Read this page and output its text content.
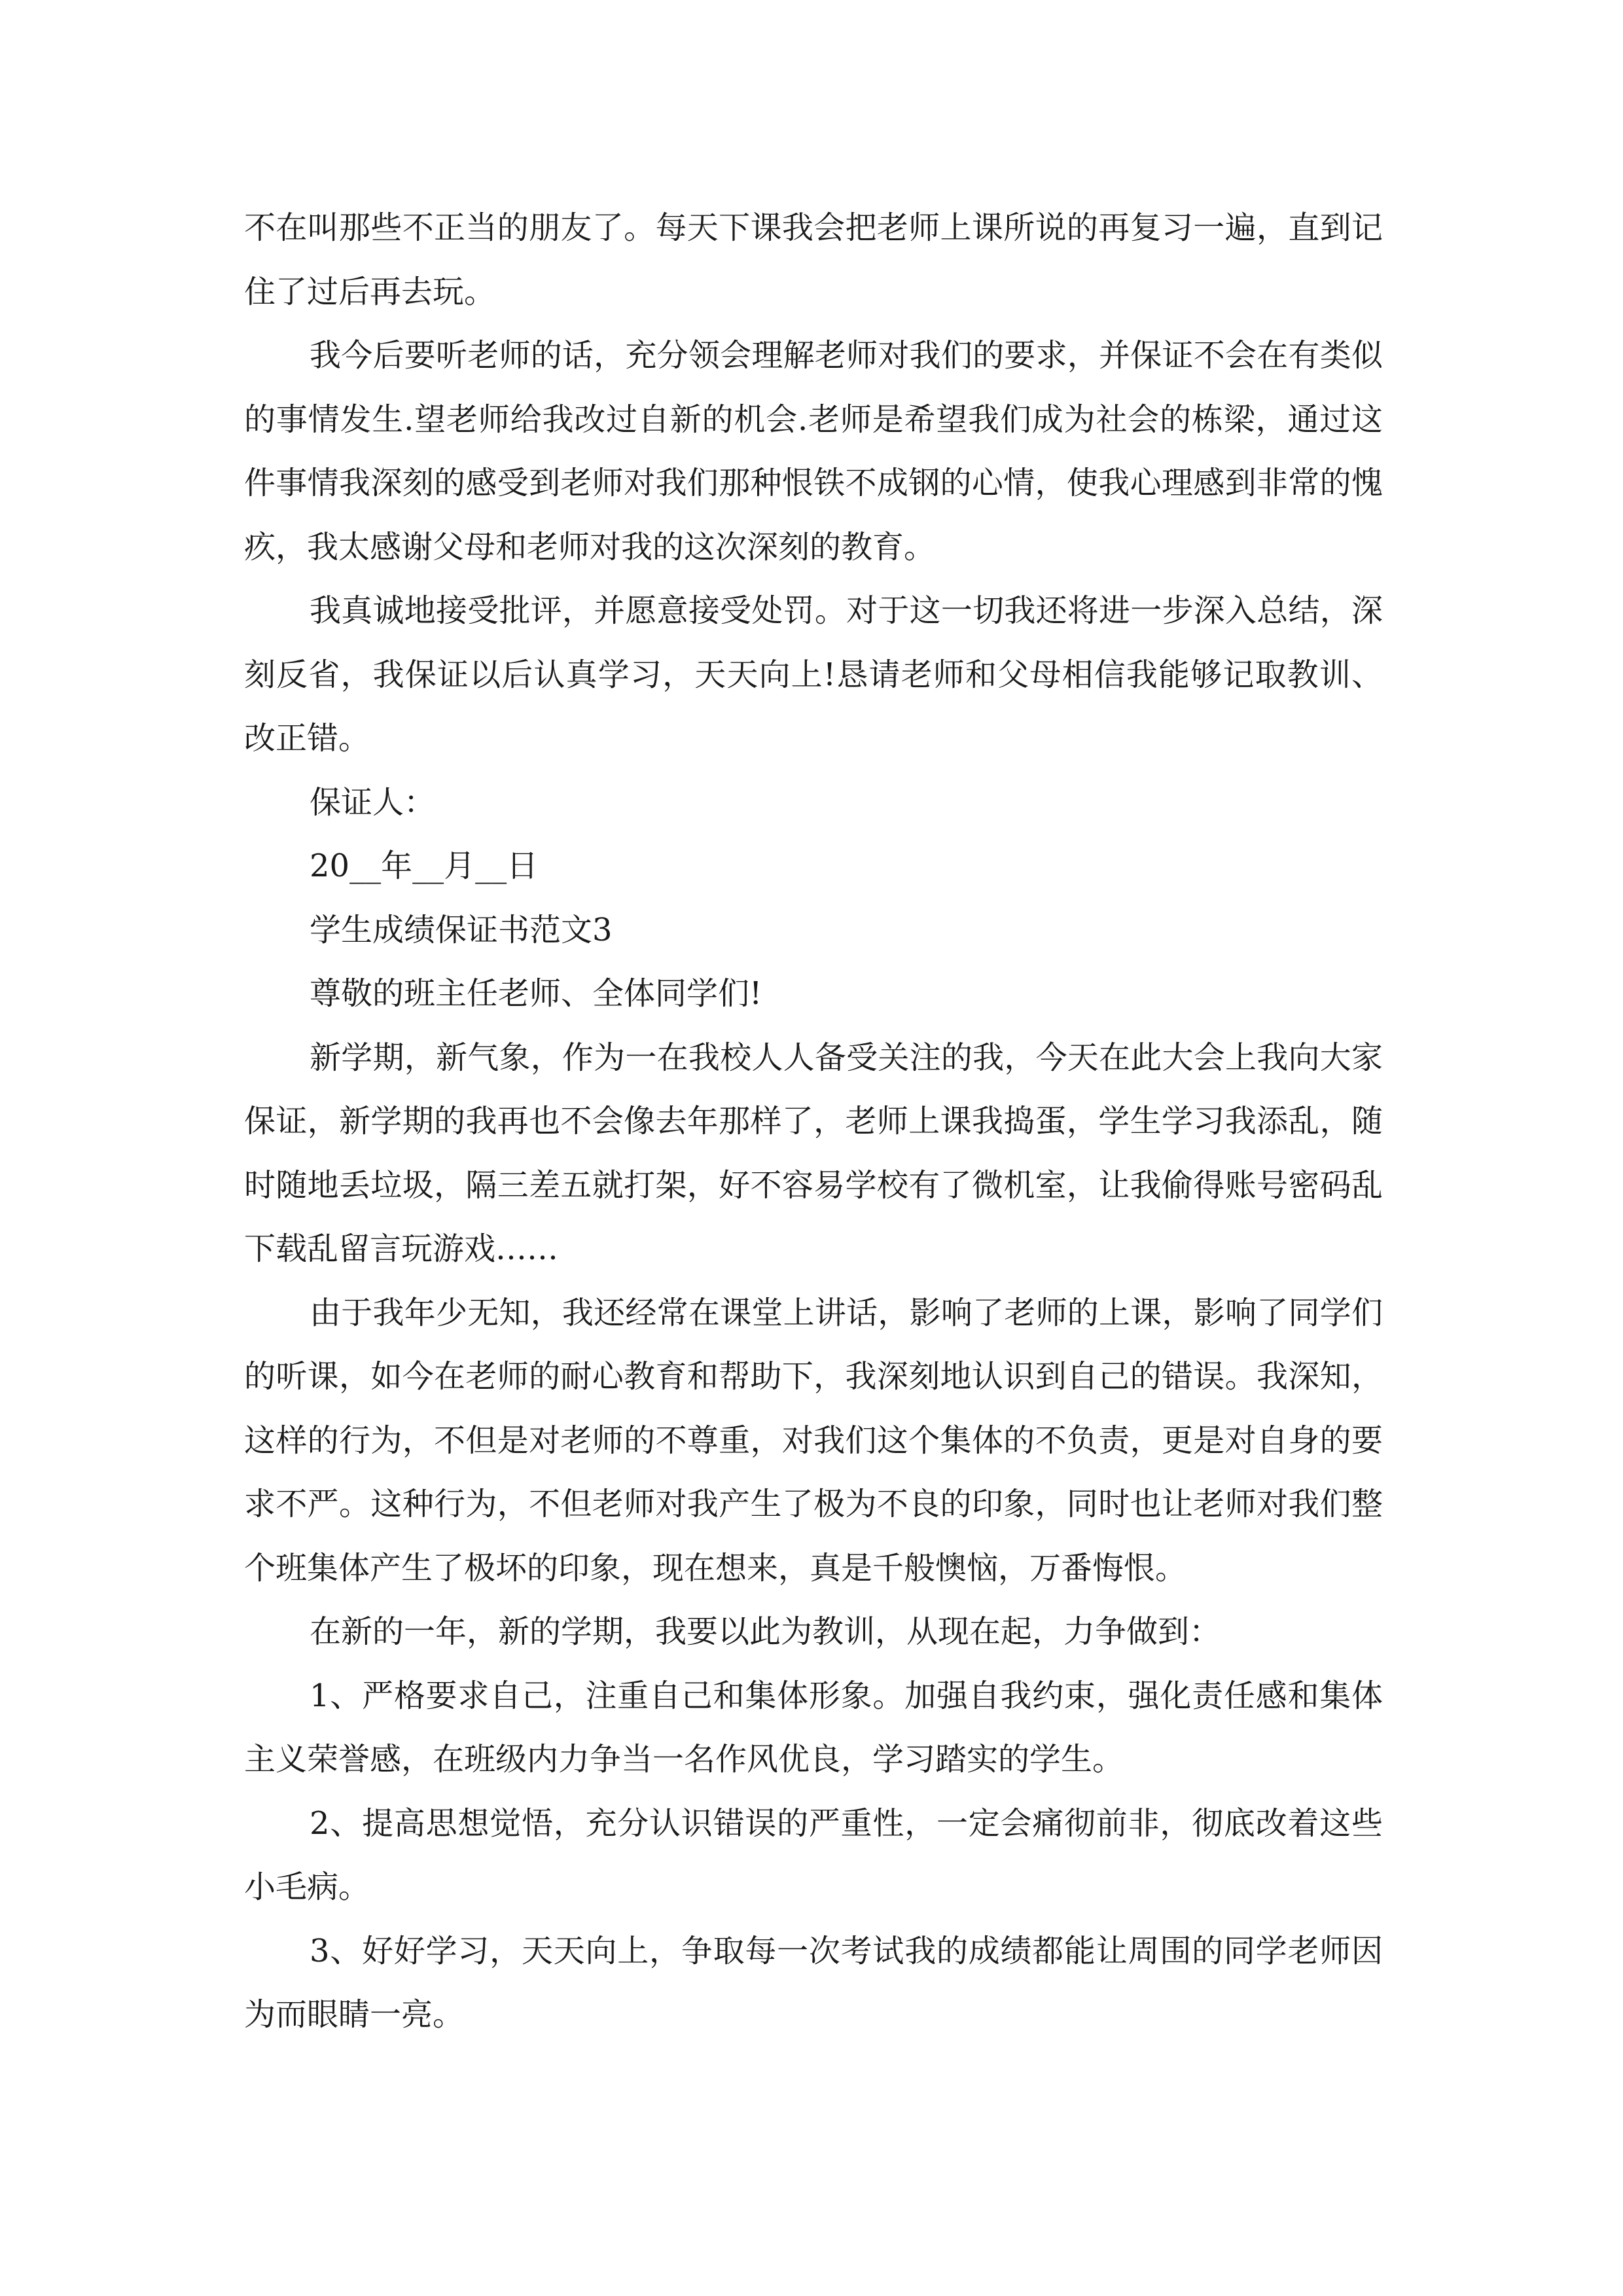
不在叫那些不正当的朋友了。每天下课我会把老师上课所说的再复习一遍，直到记住了过后再去玩。

我今后要听老师的话，充分领会理解老师对我们的要求，并保证不会在有类似的事情发生.望老师给我改过自新的机会.老师是希望我们成为社会的栋梁，通过这件事情我深刻的感受到老师对我们那种恨铁不成钢的心情，使我心理感到非常的愧疚，我太感谢父母和老师对我的这次深刻的教育。

我真诚地接受批评，并愿意接受处罚。对于这一切我还将进一步深入总结，深刻反省，我保证以后认真学习，天天向上!恳请老师和父母相信我能够记取教训、改正错。

保证人：

20__年__月__日

学生成绩保证书范文3

尊敬的班主任老师、全体同学们!

新学期，新气象，作为一在我校人人备受关注的我，今天在此大会上我向大家保证，新学期的我再也不会像去年那样了，老师上课我捣蛋，学生学习我添乱，随时随地丢垃圾，隔三差五就打架，好不容易学校有了微机室，让我偷得账号密码乱下载乱留言玩游戏……

由于我年少无知，我还经常在课堂上讲话，影响了老师的上课，影响了同学们的听课，如今在老师的耐心教育和帮助下，我深刻地认识到自己的错误。我深知，这样的行为，不但是对老师的不尊重，对我们这个集体的不负责，更是对自身的要求不严。这种行为，不但老师对我产生了极为不良的印象，同时也让老师对我们整个班集体产生了极坏的印象，现在想来，真是千般懊恼，万番悔恨。

在新的一年，新的学期，我要以此为教训，从现在起，力争做到：

1、严格要求自己，注重自己和集体形象。加强自我约束，强化责任感和集体主义荣誉感，在班级内力争当一名作风优良，学习踏实的学生。

2、提高思想觉悟，充分认识错误的严重性，一定会痛彻前非，彻底改着这些小毛病。

3、好好学习，天天向上，争取每一次考试我的成绩都能让周围的同学老师因为而眼睛一亮。
